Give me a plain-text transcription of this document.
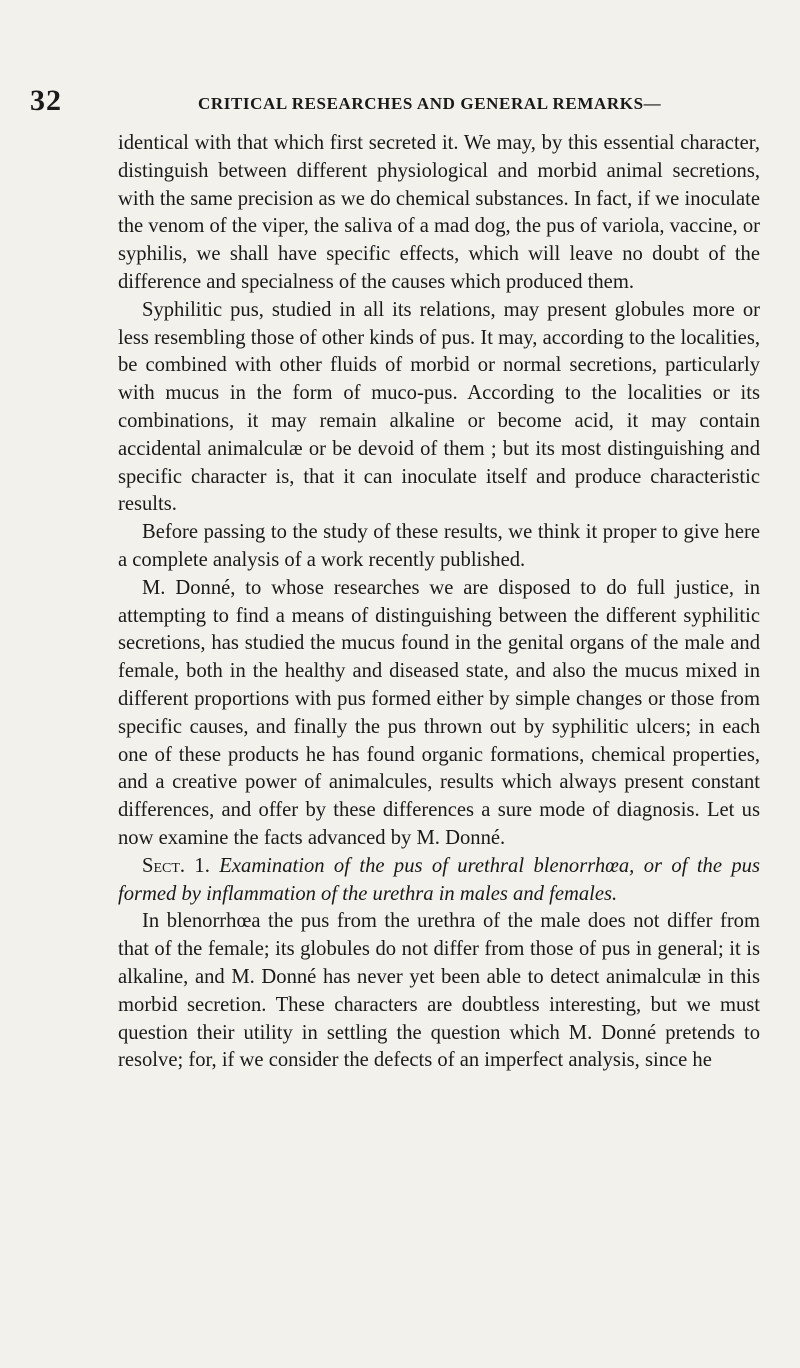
32	CRITICAL RESEARCHES AND GENERAL REMARKS—

identical with that which first secreted it. We may, by this essential character, distinguish between different physiological and morbid animal secretions, with the same precision as we do chemical substances. In fact, if we inoculate the venom of the viper, the saliva of a mad dog, the pus of variola, vaccine, or syphilis, we shall have specific effects, which will leave no doubt of the difference and specialness of the causes which produced them.

Syphilitic pus, studied in all its relations, may present globules more or less resembling those of other kinds of pus. It may, according to the localities, be combined with other fluids of morbid or normal secretions, particularly with mucus in the form of muco-pus. According to the localities or its combinations, it may remain alkaline or become acid, it may contain accidental animalculæ or be devoid of them ; but its most distinguishing and specific character is, that it can inoculate itself and produce characteristic results.

Before passing to the study of these results, we think it proper to give here a complete analysis of a work recently published.

M. Donné, to whose researches we are disposed to do full justice, in attempting to find a means of distinguishing between the different syphilitic secretions, has studied the mucus found in the genital organs of the male and female, both in the healthy and diseased state, and also the mucus mixed in different proportions with pus formed either by simple changes or those from specific causes, and finally the pus thrown out by syphilitic ulcers; in each one of these products he has found organic formations, chemical properties, and a creative power of animalcules, results which always present constant differences, and offer by these differences a sure mode of diagnosis. Let us now examine the facts advanced by M. Donné.

Sect. 1. Examination of the pus of urethral blenorrhœa, or of the pus formed by inflammation of the urethra in males and females.

In blenorrhœa the pus from the urethra of the male does not differ from that of the female; its globules do not differ from those of pus in general; it is alkaline, and M. Donné has never yet been able to detect animalculæ in this morbid secretion. These characters are doubtless interesting, but we must question their utility in settling the question which M. Donné pretends to resolve; for, if we consider the defects of an imperfect analysis, since he
